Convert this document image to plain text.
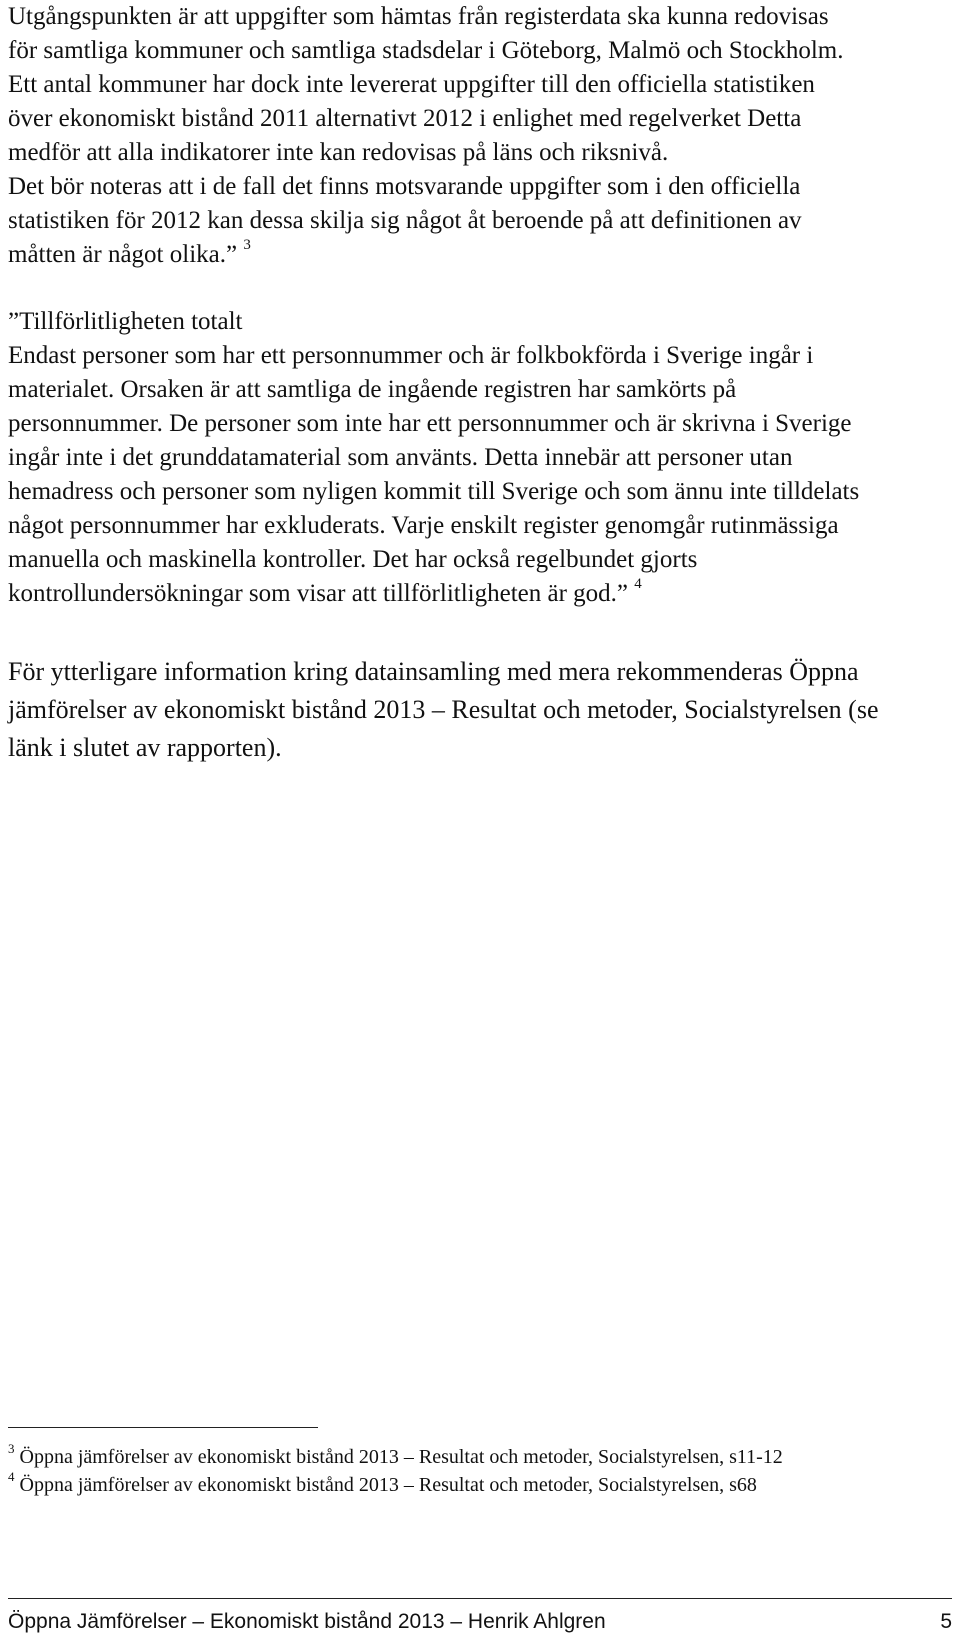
Utgångspunkten är att uppgifter som hämtas från registerdata ska kunna redovisas
för samtliga kommuner och samtliga stadsdelar i Göteborg, Malmö och Stockholm.
Ett antal kommuner har dock inte levererat uppgifter till den officiella statistiken
över ekonomiskt bistånd 2011 alternativt 2012 i enlighet med regelverket Detta
medför att alla indikatorer inte kan redovisas på läns och riksnivå.
Det bör noteras att i de fall det finns motsvarande uppgifter som i den officiella
statistiken för 2012 kan dessa skilja sig något åt beroende på att definitionen av
måtten är något olika.” $^3$

”Tillförlitligheten totalt
Endast personer som har ett personnummer och är folkbokförda i Sverige ingår i
materialet. Orsaken är att samtliga de ingående registren har samkörts på
personnummer. De personer som inte har ett personnummer och är skrivna i Sverige
ingår inte i det grunddatamaterial som använts. Detta innebär att personer utan
hemadress och personer som nyligen kommit till Sverige och som ännu inte tilldelats
något personnummer har exkluderats. Varje enskilt register genomgår rutinmässiga
manuella och maskinella kontroller. Det har också regelbundet gjorts
kontrollundersökningar som visar att tillförlitligheten är god.” $^4$

För ytterligare information kring datainsamling med mera rekommenderas Öppna
jämförelser av ekonomiskt bistånd 2013 – Resultat och metoder, Socialstyrelsen (se
länk i slutet av rapporten).

$^3$ Öppna jämförelser av ekonomiskt bistånd 2013 – Resultat och metoder, Socialstyrelsen, s11-12
$^4$ Öppna jämförelser av ekonomiskt bistånd 2013 – Resultat och metoder, Socialstyrelsen, s68
Öppna Jämförelser – Ekonomiskt bistånd 2013 – Henrik Ahlgren	5
